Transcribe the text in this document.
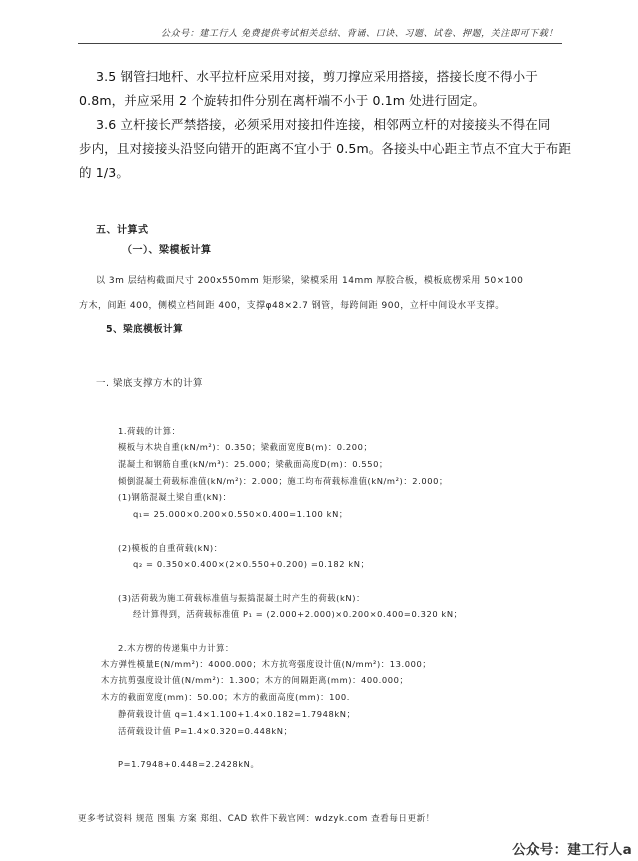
公众号：建工行人 免费提供考试相关总结、背诵、口诀、习题、试卷、押题，关注即可下载！
3.5 钢管扫地杆、水平拉杆应采用对接，剪刀撑应采用搭接，搭接长度不得小于
0.8m，并应采用 2 个旋转扣件分别在离杆端不小于 0.1m 处进行固定。
3.6 立杆接长严禁搭接，必须采用对接扣件连接，相邻两立杆的对接接头不得在同
步内，且对接接头沿竖向错开的距离不宜小于 0.5m。各接头中心距主节点不宜大于布距
的 1/3。
五、计算式
（一）、梁模板计算
以 3m 层结构截面尺寸 200x550mm 矩形梁，梁模采用 14mm 厚胶合板，模板底楞采用 50×100
方木，间距 400，侧模立档间距 400，支撑φ48×2.7 钢管，每跨间距 900，立杆中间设水平支撑。
5、梁底模板计算
一. 梁底支撑方木的计算
1.荷载的计算：
模板与木块自重(kN/m²)：0.350；梁截面宽度B(m)：0.200；
混凝土和钢筋自重(kN/m³)：25.000；梁截面高度D(m)：0.550；
倾倒混凝土荷载标准值(kN/m²)：2.000；施工均布荷载标准值(kN/m²)：2.000；
(1)钢筋混凝土梁自重(kN)：
q₁= 25.000×0.200×0.550×0.400=1.100 kN；
(2)模板的自重荷载(kN)：
q₂ = 0.350×0.400×(2×0.550+0.200) =0.182 kN；
(3)活荷载为施工荷载标准值与振捣混凝土时产生的荷载(kN)：
经计算得到，活荷载标准值 P₁ = (2.000+2.000)×0.200×0.400=0.320 kN；
2.木方楞的传递集中力计算：
木方弹性模量E(N/mm²)：4000.000；木方抗弯强度设计值(N/mm²)：13.000；
木方抗剪强度设计值(N/mm²)：1.300；木方的间隔距离(mm)：400.000；
木方的截面宽度(mm)：50.00；木方的截面高度(mm)：100.
静荷载设计值 q=1.4×1.100+1.4×0.182=1.7948kN；
活荷载设计值 P=1.4×0.320=0.448kN；
P=1.7948+0.448=2.2428kN。
更多考试资料 规范 图集 方案 郑组、CAD 软件下载官网：wdzyk.com 查看每日更新！
公众号：建工行人a
